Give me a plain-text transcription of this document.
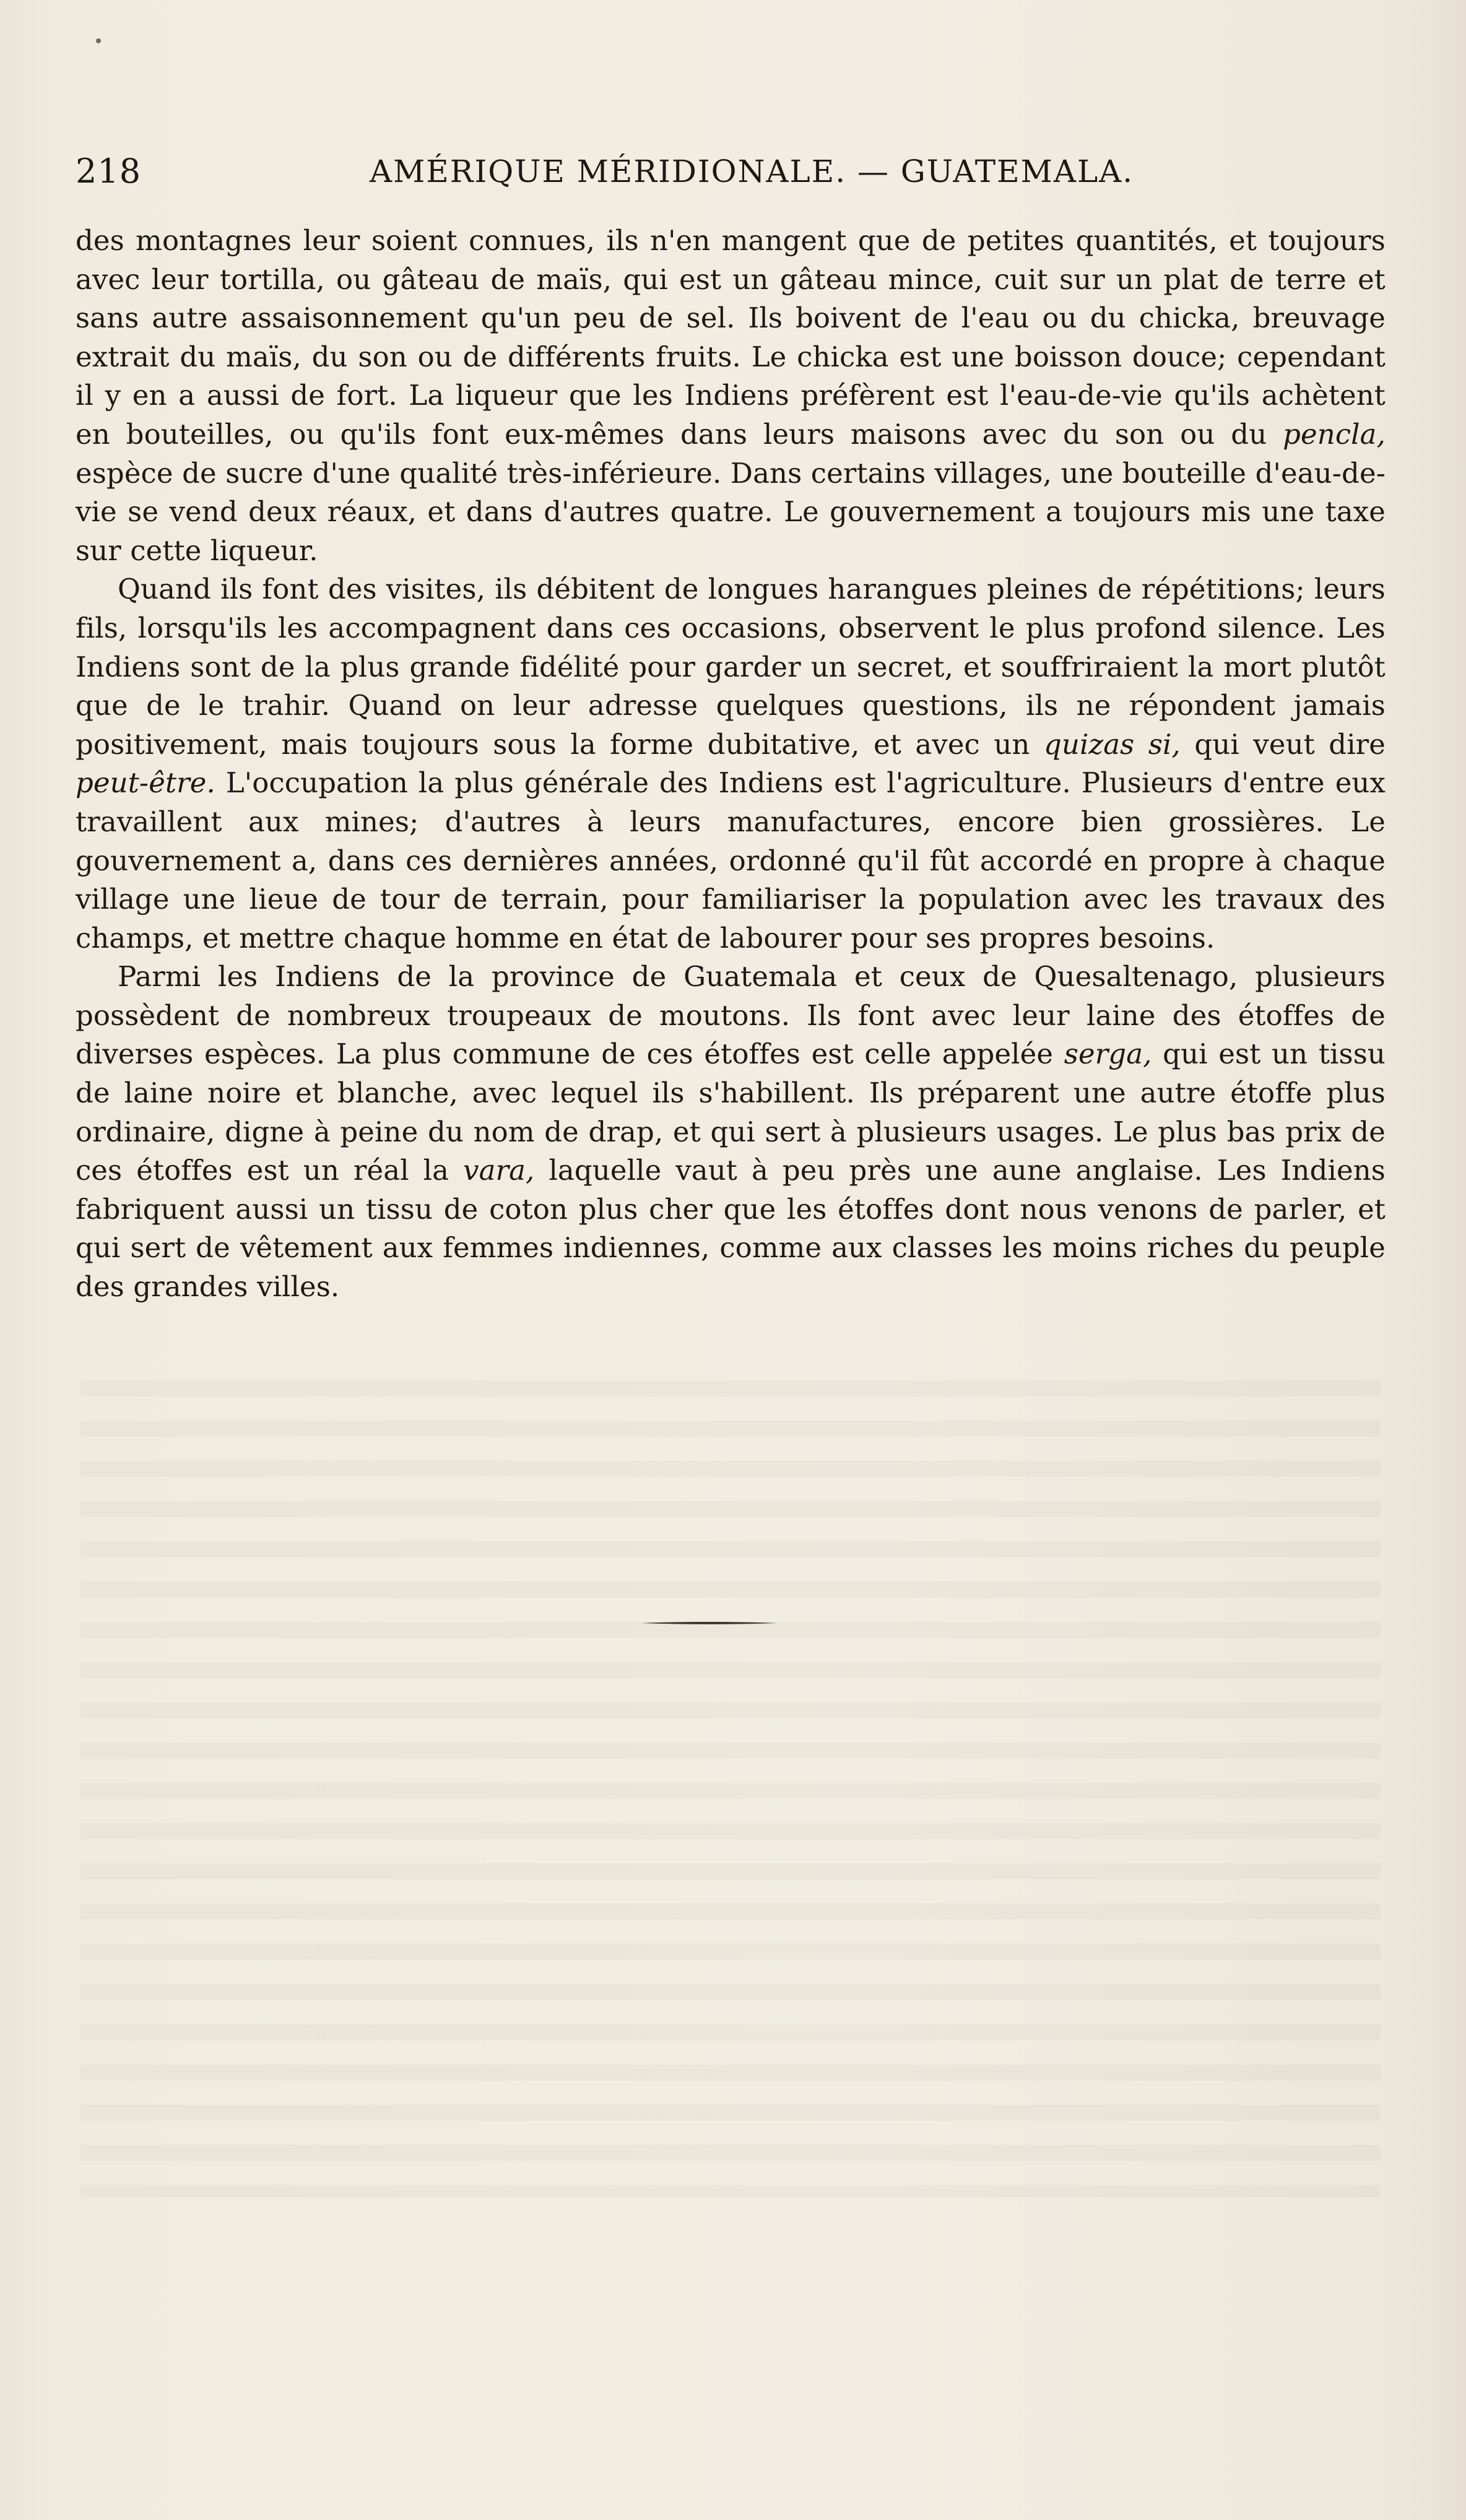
218	AMÉRIQUE MÉRIDIONALE. — GUATEMALA.

des montagnes leur soient connues, ils n'en mangent que de petites quantités, et toujours avec leur tortilla, ou gâteau de maïs, qui est un gâteau mince, cuit sur un plat de terre et sans autre assaisonnement qu'un peu de sel. Ils boivent de l'eau ou du chicka, breuvage extrait du maïs, du son ou de différents fruits. Le chicka est une boisson douce; cependant il y en a aussi de fort. La liqueur que les Indiens préfèrent est l'eau-de-vie qu'ils achètent en bouteilles, ou qu'ils font eux-mêmes dans leurs maisons avec du son ou du pencla, espèce de sucre d'une qualité très-inférieure. Dans certains villages, une bouteille d'eau-de-vie se vend deux réaux, et dans d'autres quatre. Le gouvernement a toujours mis une taxe sur cette liqueur.

Quand ils font des visites, ils débitent de longues harangues pleines de répétitions; leurs fils, lorsqu'ils les accompagnent dans ces occasions, observent le plus profond silence. Les Indiens sont de la plus grande fidélité pour garder un secret, et souffriraient la mort plutôt que de le trahir. Quand on leur adresse quelques questions, ils ne répondent jamais positivement, mais toujours sous la forme dubitative, et avec un quizas si, qui veut dire peut-être. L'occupation la plus générale des Indiens est l'agriculture. Plusieurs d'entre eux travaillent aux mines; d'autres à leurs manufactures, encore bien grossières. Le gouvernement a, dans ces dernières années, ordonné qu'il fût accordé en propre à chaque village une lieue de tour de terrain, pour familiariser la population avec les travaux des champs, et mettre chaque homme en état de labourer pour ses propres besoins.

Parmi les Indiens de la province de Guatemala et ceux de Quesaltenago, plusieurs possèdent de nombreux troupeaux de moutons. Ils font avec leur laine des étoffes de diverses espèces. La plus commune de ces étoffes est celle appelée serga, qui est un tissu de laine noire et blanche, avec lequel ils s'habillent. Ils préparent une autre étoffe plus ordinaire, digne à peine du nom de drap, et qui sert à plusieurs usages. Le plus bas prix de ces étoffes est un réal la vara, laquelle vaut à peu près une aune anglaise. Les Indiens fabriquent aussi un tissu de coton plus cher que les étoffes dont nous venons de parler, et qui sert de vêtement aux femmes indiennes, comme aux classes les moins riches du peuple des grandes villes.
